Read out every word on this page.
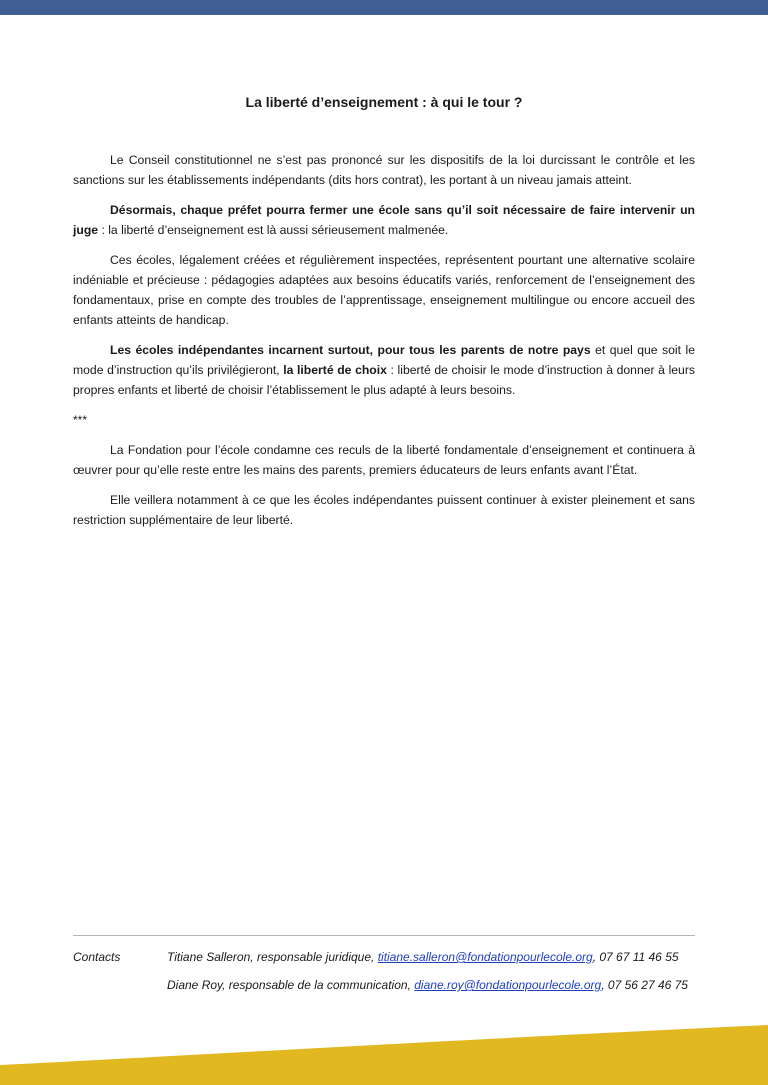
La liberté d’enseignement : à qui le tour ?

Le Conseil constitutionnel ne s’est pas prononcé sur les dispositifs de la loi durcissant le contrôle et les sanctions sur les établissements indépendants (dits hors contrat), les portant à un niveau jamais atteint.

Désormais, chaque préfet pourra fermer une école sans qu’il soit nécessaire de faire intervenir un juge : la liberté d’enseignement est là aussi sérieusement malmenée.

Ces écoles, légalement créées et régulièrement inspectées, représentent pourtant une alternative scolaire indéniable et précieuse : pédagogies adaptées aux besoins éducatifs variés, renforcement de l’enseignement des fondamentaux, prise en compte des troubles de l’apprentissage, enseignement multilingue ou encore accueil des enfants atteints de handicap.

Les écoles indépendantes incarnent surtout, pour tous les parents de notre pays et quel que soit le mode d’instruction qu’ils privilégieront, la liberté de choix : liberté de choisir le mode d’instruction à donner à leurs propres enfants et liberté de choisir l’établissement le plus adapté à leurs besoins.

***

La Fondation pour l’école condamne ces reculs de la liberté fondamentale d’enseignement et continuera à œuvrer pour qu’elle reste entre les mains des parents, premiers éducateurs de leurs enfants avant l’État.

Elle veillera notamment à ce que les écoles indépendantes puissent continuer à exister pleinement et sans restriction supplémentaire de leur liberté.

Contacts	Titiane Salleron, responsable juridique, titiane.salleron@fondationpourlecole.org, 07 67 11 46 55
Diane Roy, responsable de la communication, diane.roy@fondationpourlecole.org, 07 56 27 46 75
